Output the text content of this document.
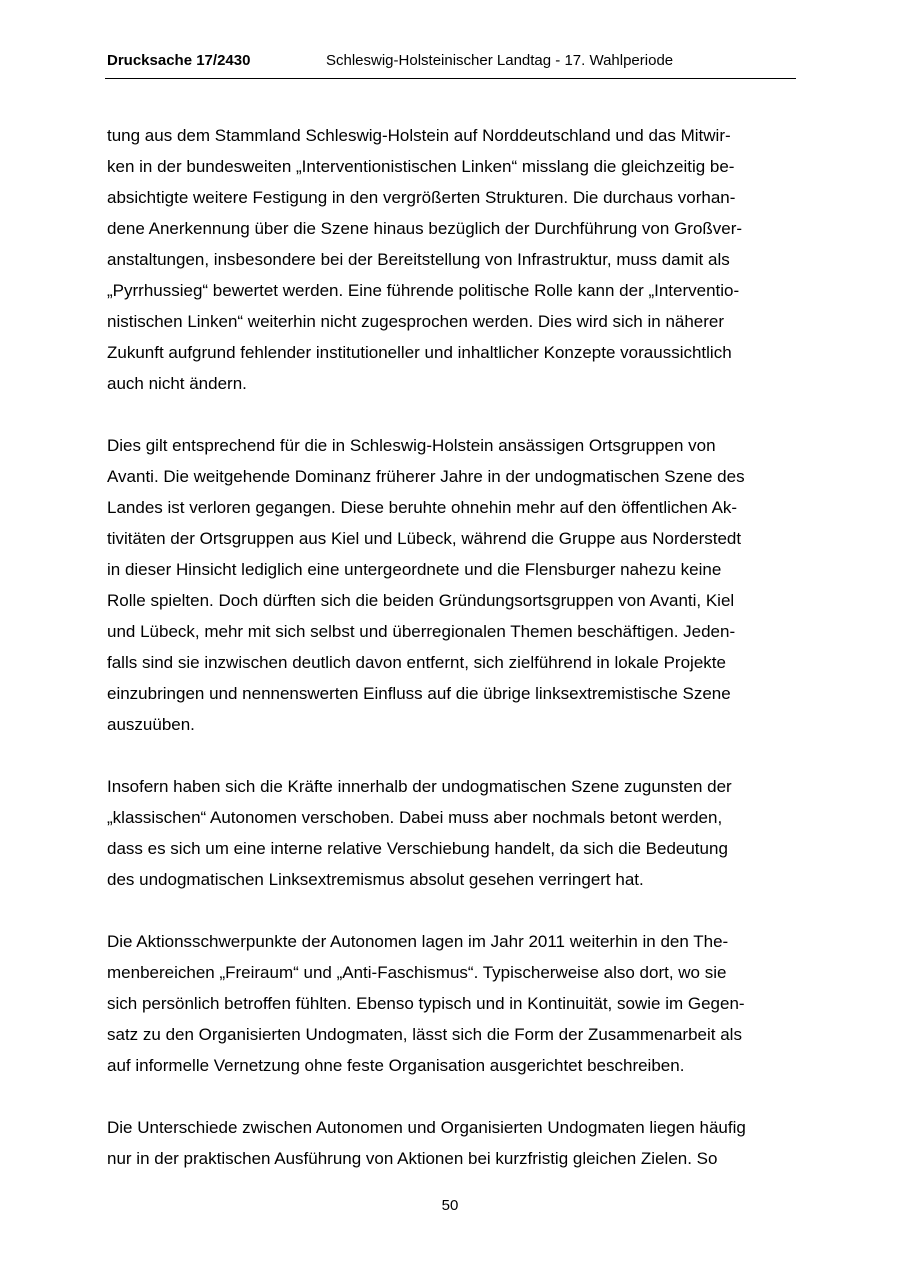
Drucksache 17/2430	Schleswig-Holsteinischer Landtag - 17. Wahlperiode

tung aus dem Stammland Schleswig-Holstein auf Norddeutschland und das Mitwir-
ken in der bundesweiten „Interventionistischen Linken“ misslang die gleichzeitig be-
absichtigte weitere Festigung in den vergrößerten Strukturen. Die durchaus vorhan-
dene Anerkennung über die Szene hinaus bezüglich der Durchführung von Großver-
anstaltungen, insbesondere bei der Bereitstellung von Infrastruktur, muss damit als
„Pyrrhussieg“ bewertet werden. Eine führende politische Rolle kann der „Interventio-
nistischen Linken“ weiterhin nicht zugesprochen werden. Dies wird sich in näherer
Zukunft aufgrund fehlender institutioneller und inhaltlicher Konzepte voraussichtlich
auch nicht ändern.

Dies gilt entsprechend für die in Schleswig-Holstein ansässigen Ortsgruppen von
Avanti. Die weitgehende Dominanz früherer Jahre in der undogmatischen Szene des
Landes ist verloren gegangen. Diese beruhte ohnehin mehr auf den öffentlichen Ak-
tivitäten der Ortsgruppen aus Kiel und Lübeck, während die Gruppe aus Norderstedt
in dieser Hinsicht lediglich eine untergeordnete und die Flensburger nahezu keine
Rolle spielten. Doch dürften sich die beiden Gründungsortsgruppen von Avanti, Kiel
und Lübeck, mehr mit sich selbst und überregionalen Themen beschäftigen. Jeden-
falls sind sie inzwischen deutlich davon entfernt, sich zielführend in lokale Projekte
einzubringen und nennenswerten Einfluss auf die übrige linksextremistische Szene
auszuüben.

Insofern haben sich die Kräfte innerhalb der undogmatischen Szene zugunsten der
„klassischen“ Autonomen verschoben. Dabei muss aber nochmals betont werden,
dass es sich um eine interne relative Verschiebung handelt, da sich die Bedeutung
des undogmatischen Linksextremismus absolut gesehen verringert hat.

Die Aktionsschwerpunkte der Autonomen lagen im Jahr 2011 weiterhin in den The-
menbereichen „Freiraum“ und „Anti-Faschismus“. Typischerweise also dort, wo sie
sich persönlich betroffen fühlten. Ebenso typisch und in Kontinuität, sowie im Gegen-
satz zu den Organisierten Undogmaten, lässt sich die Form der Zusammenarbeit als
auf informelle Vernetzung ohne feste Organisation ausgerichtet beschreiben.

Die Unterschiede zwischen Autonomen und Organisierten Undogmaten liegen häufig
nur in der praktischen Ausführung von Aktionen bei kurzfristig gleichen Zielen. So

50
